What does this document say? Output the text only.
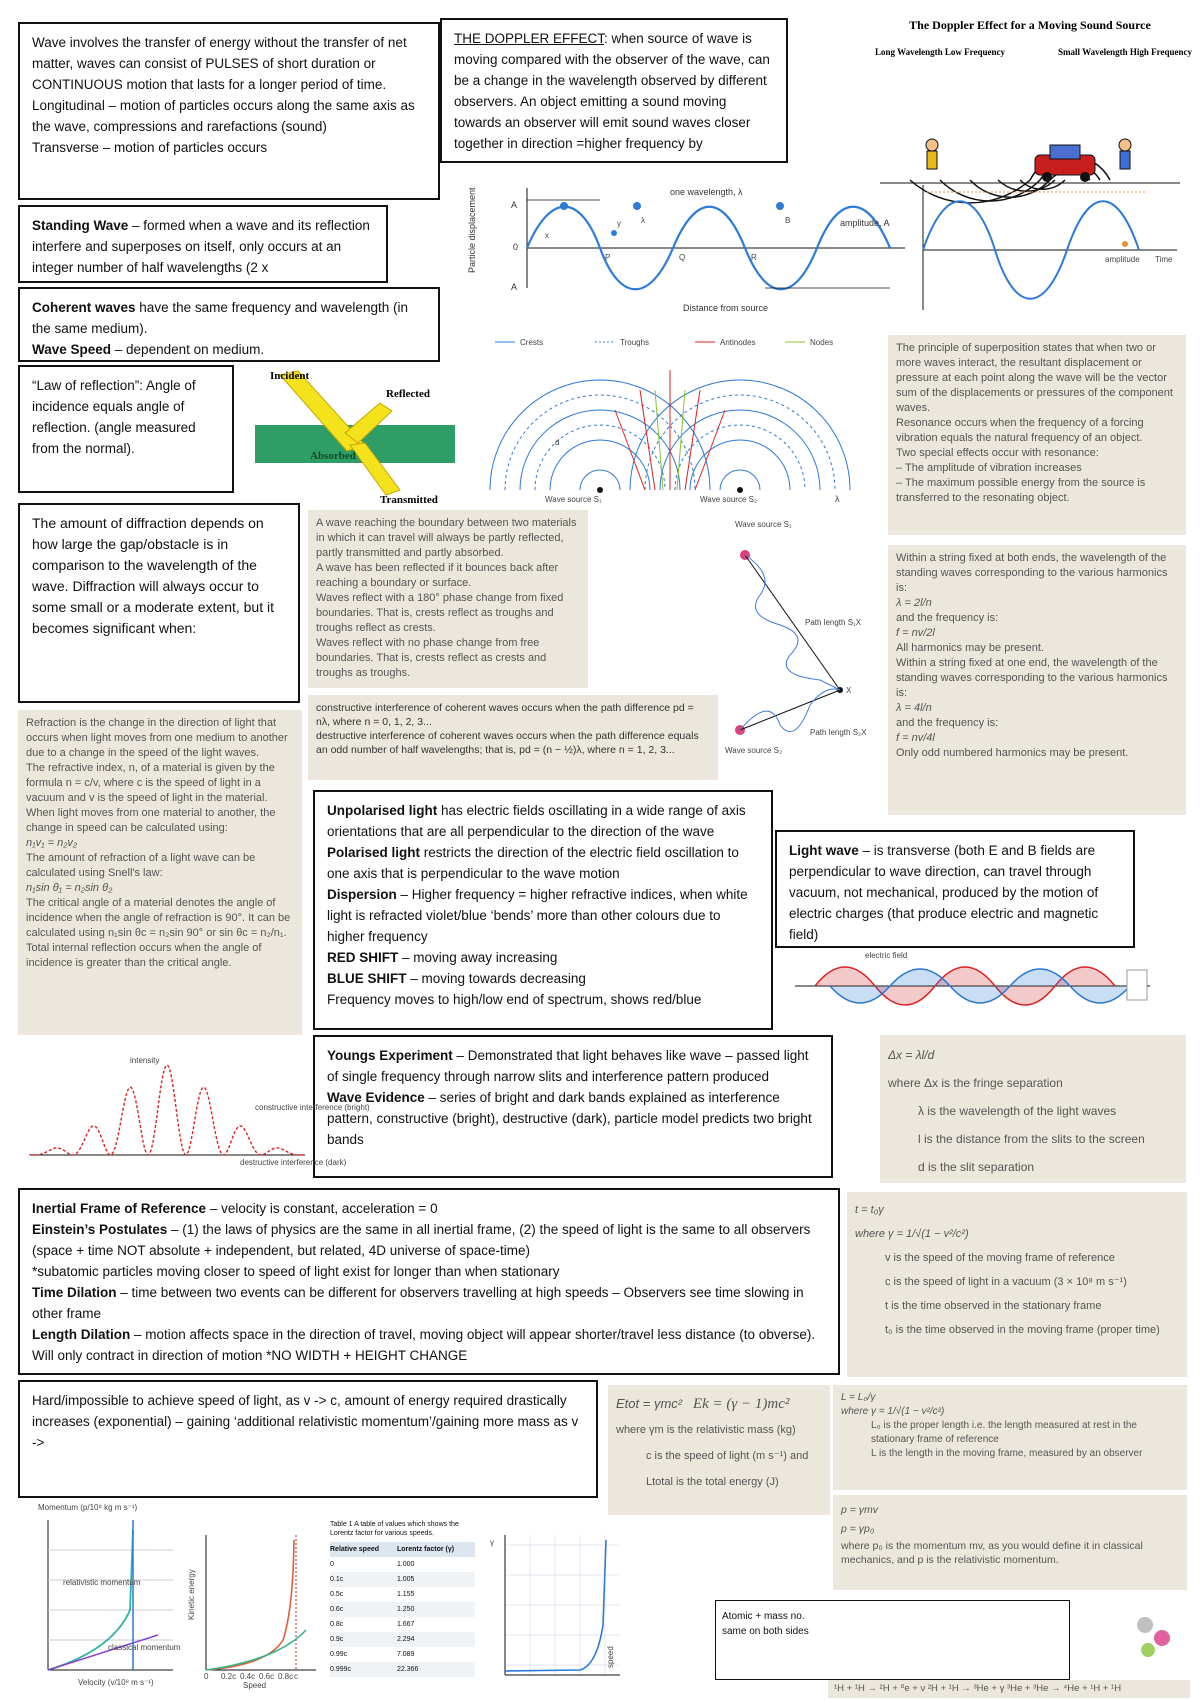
Wave involves the transfer of energy without the transfer of net matter, waves can consist of PULSES of short duration or CONTINUOUS motion that lasts for a longer period of time.

Longitudinal – motion of particles occurs along the same axis as the wave, compressions and rarefactions (sound)

Transverse – motion of particles occurs

THE DOPPLER EFFECT: when source of wave is moving compared with the observer of the wave, can be a change in the wavelength observed by different observers. An object emitting a sound moving towards an observer will emit sound waves closer together in direction =higher frequency by
The Doppler Effect for a Moving Sound Source
Long Wavelength Low Frequency	Small Wavelength High Frequency
Standing Wave – formed when a wave and its reflection interfere and superposes on itself, only occurs at an integer number of half wavelengths (2 x
Coherent waves have the same frequency and wavelength (in the same medium).
Wave Speed – dependent on medium.
one wavelength, λ
amplitude, A
Distance from source
Particle displacement	A
0
A
x
y	λ	B
P	Q	R	amplitude Time
“Law of reflection”: Angle of incidence equals angle of reflection. (angle measured from the normal).
Incident
Reflected
Absorbed
Transmitted
Crests	Troughs	Antinodes	Nodes
Wave source S₁	Wave source S₂	λ
d

The principle of superposition states that when two or more waves interact, the resultant displacement or pressure at each point along the wave will be the vector sum of the displacements or pressures of the component waves.

Resonance occurs when the frequency of a forcing vibration equals the natural frequency of an object.

Two special effects occur with resonance:

– The amplitude of vibration increases

– The maximum possible energy from the source is transferred to the resonating object.

The amount of diffraction depends on how large the gap/obstacle is in comparison to the wavelength of the wave. Diffraction will always occur to some small or a moderate extent, but it becomes significant when:

A wave reaching the boundary between two materials in which it can travel will always be partly reflected, partly transmitted and partly absorbed.

A wave has been reflected if it bounces back after reaching a boundary or surface.

Waves reflect with a 180° phase change from fixed boundaries. That is, crests reflect as troughs and troughs reflect as crests.

Waves reflect with no phase change from free boundaries. That is, crests reflect as crests and troughs as troughs.

Wave source S₁
Wave source S₂
Path length S₁X
Path length S₂X
X

Within a string fixed at both ends, the wavelength of the standing waves corresponding to the various harmonics is:

λ = 2l/n

and the frequency is:

f = nv/2l

All harmonics may be present.

Within a string fixed at one end, the wavelength of the standing waves corresponding to the various harmonics is:

λ = 4l/n

and the frequency is:

f = nv/4l

Only odd numbered harmonics may be present.

Refraction is the change in the direction of light that occurs when light moves from one medium to another due to a change in the speed of the light waves.

The refractive index, n, of a material is given by the formula n = c/v, where c is the speed of light in a vacuum and v is the speed of light in the material.

When light moves from one material to another, the change in speed can be calculated using:

n₁v₁ = n₂v₂

The amount of refraction of a light wave can be calculated using Snell's law:

n₁sin θ₁ = n₂sin θ₂

The critical angle of a material denotes the angle of incidence when the angle of refraction is 90°. It can be calculated using n₁sin θc = n₂sin 90° or sin θc = n₂/n₁.

Total internal reflection occurs when the angle of incidence is greater than the critical angle.

constructive interference of coherent waves occurs when the path difference pd = nλ, where n = 0, 1, 2, 3...

destructive interference of coherent waves occurs when the path difference equals an odd number of half wavelengths; that is, pd = (n − ½)λ, where n = 1, 2, 3...

Unpolarised light has electric fields oscillating in a wide range of axis orientations that are all perpendicular to the direction of the wave

Polarised light restricts the direction of the electric field oscillation to one axis that is perpendicular to the wave motion

Dispersion – Higher frequency = higher refractive indices, when white light is refracted violet/blue ‘bends’ more than other colours due to higher frequency

RED SHIFT – moving away increasing

BLUE SHIFT – moving towards decreasing

Frequency moves to high/low end of spectrum, shows red/blue

Light wave – is transverse (both E and B fields are perpendicular to wave direction, can travel through vacuum, not mechanical, produced by the motion of electric charges (that produce electric and magnetic field)
electric field
Youngs Experiment – Demonstrated that light behaves like wave – passed light of single frequency through narrow slits and interference pattern produced
Wave Evidence – series of bright and dark bands explained as interference pattern, constructive (bright), destructive (dark), particle model predicts two bright bands

Δx = λl/d

where Δx is the fringe separation

λ is the wavelength of the light waves

l is the distance from the slits to the screen

d is the slit separation

intensity
constructive interference (bright)
destructive interference (dark)

Inertial Frame of Reference – velocity is constant, acceleration = 0

Einstein’s Postulates – (1) the laws of physics are the same in all inertial frame, (2) the speed of light is the same to all observers (space + time NOT absolute + independent, but related, 4D universe of space-time)

*subatomic particles moving closer to speed of light exist for longer than when stationary

Time Dilation – time between two events can be different for observers travelling at high speeds – Observers see time slowing in other frame

Length Dilation – motion affects space in the direction of travel, moving object will appear shorter/travel less distance (to obverse). Will only contract in direction of motion *NO WIDTH + HEIGHT CHANGE

t = t₀γ

where γ = 1/√(1 − v²/c²)

v is the speed of the moving frame of reference

c is the speed of light in a vacuum (3 × 10⁸ m s⁻¹)

t is the time observed in the stationary frame

t₀ is the time observed in the moving frame (proper time)

Hard/impossible to achieve speed of light, as v -> c, amount of energy required drastically increases (exponential) – gaining ‘additional relativistic momentum’/gaining more mass as v ->

Etot = γmc² Ek = (γ − 1)mc²

where γm is the relativistic mass (kg)

c is the speed of light (m s⁻¹) and

Ltotal is the total energy (J)

L = L₀/γ

where γ = 1/√(1 − v²/c²)

L₀ is the proper length i.e. the length measured at rest in the stationary frame of reference

L is the length in the moving frame, measured by an observer

p = γmv

p = γp₀

where p₀ is the momentum mv, as you would define it in classical mechanics, and p is the relativistic momentum.

Atomic + mass no. same on both sides

¹H + ¹H → ²H + ⁰e + ν ²H + ¹H → ³He + γ ³He + ³He → ⁴He + ¹H + ¹H
Momentum (p/10⁸ kg m s⁻¹)
relativistic momentum
classical momentum
Velocity (v/10⁸ m s⁻¹)
Kinetic energy
Speed
0 0.2c 0.4c 0.6c 0.8c c

Table 1 A table of values which shows the Lorentz factor for various speeds.

Relative speed	Lorentz factor (γ)
0	1.000
0.1c	1.005
0.5c	1.155
0.6c	1.250
0.8c	1.667
0.9c	2.294
0.99c	7.089
0.999c	22.366
γ
speed
